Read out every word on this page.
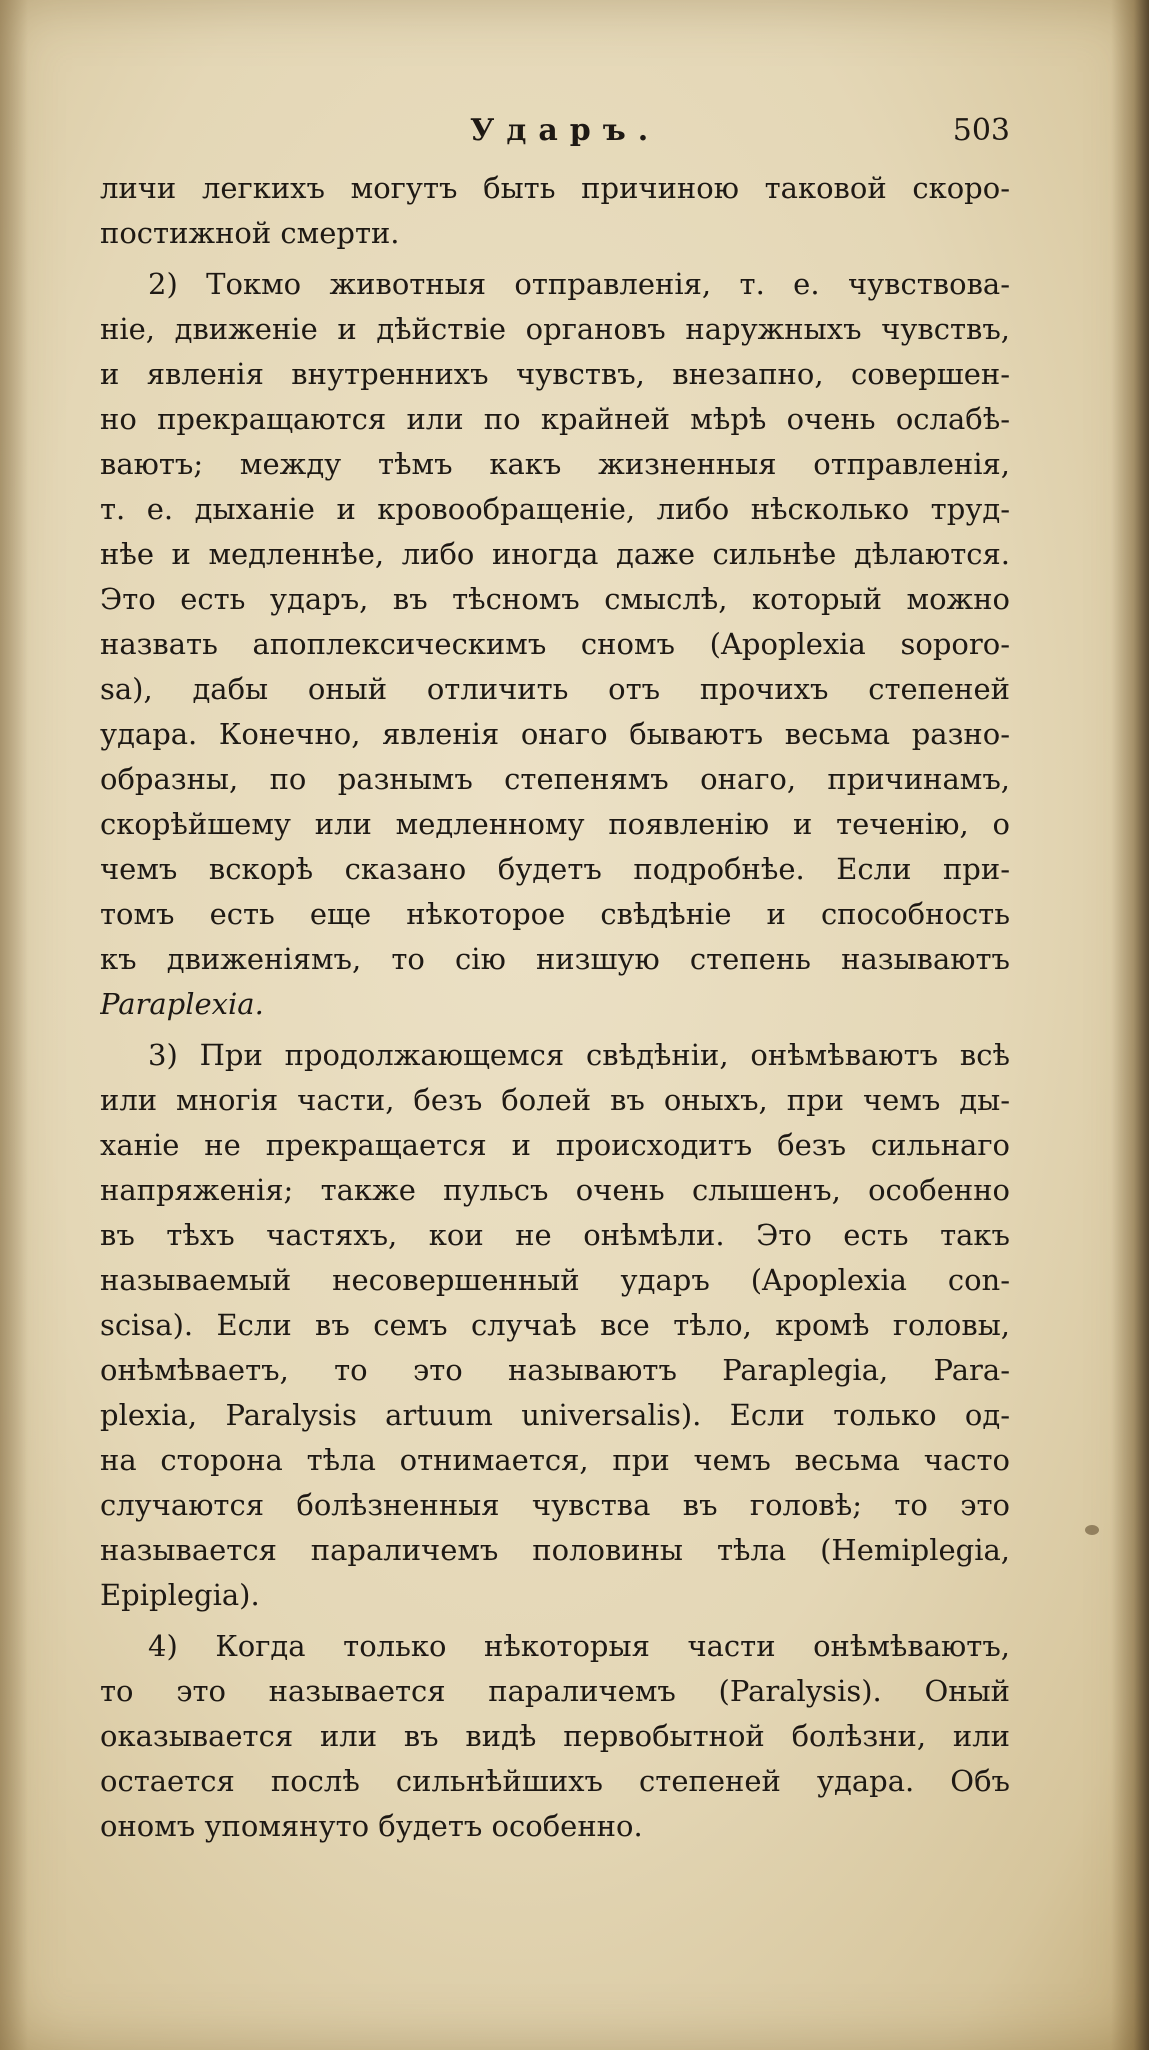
Ударъ.	503
личи легкихъ могутъ быть причиною таковой скоро-
постижной смерти.
2) Токмо животныя отправленія, т. е. чувствова-
ніе, движеніе и дѣйствіе органовъ наружныхъ чувствъ,
и явленія внутреннихъ чувствъ, внезапно, совершен-
но прекращаются или по крайней мѣрѣ очень ослабѣ-
ваютъ; между тѣмъ какъ жизненныя отправленія,
т. е. дыханіе и кровообращеніе, либо нѣсколько труд-
нѣе и медленнѣе, либо иногда даже сильнѣе дѣлаются.
Это есть ударъ, въ тѣсномъ смыслѣ, который можно
назвать апоплексическимъ сномъ (Apoplexia soporo-
sa), дабы оный отличить отъ прочихъ степеней
удара. Конечно, явленія онаго бываютъ весьма разно-
образны, по разнымъ степенямъ онаго, причинамъ,
скорѣйшему или медленному появленію и теченію, о
чемъ вскорѣ сказано будетъ подробнѣе. Если при-
томъ есть еще нѣкоторое свѣдѣніе и способность
къ движеніямъ, то сію низшую степень называютъ
Paraplexia.
3) При продолжающемся свѣдѣніи, онѣмѣваютъ всѣ
или многія части, безъ болей въ оныхъ, при чемъ ды-
ханіе не прекращается и происходитъ безъ сильнаго
напряженія; также пульсъ очень слышенъ, особенно
въ тѣхъ частяхъ, кои не онѣмѣли. Это есть такъ
называемый несовершенный ударъ (Apoplexia con-
scisa). Если въ семъ случаѣ все тѣло, кромѣ головы,
онѣмѣваетъ, то это называютъ Paraplegia, Para-
plexia, Paralysis artuum universalis). Если только од-
на сторона тѣла отнимается, при чемъ весьма часто
случаются болѣзненныя чувства въ головѣ; то это
называется параличемъ половины тѣла (Hemiplegia,
Epiplegia).
4) Когда только нѣкоторыя части онѣмѣваютъ,
то это называется параличемъ (Paralysis). Оный
оказывается или въ видѣ первобытной болѣзни, или
остается послѣ сильнѣйшихъ степеней удара. Объ
ономъ упомянуто будетъ особенно.
